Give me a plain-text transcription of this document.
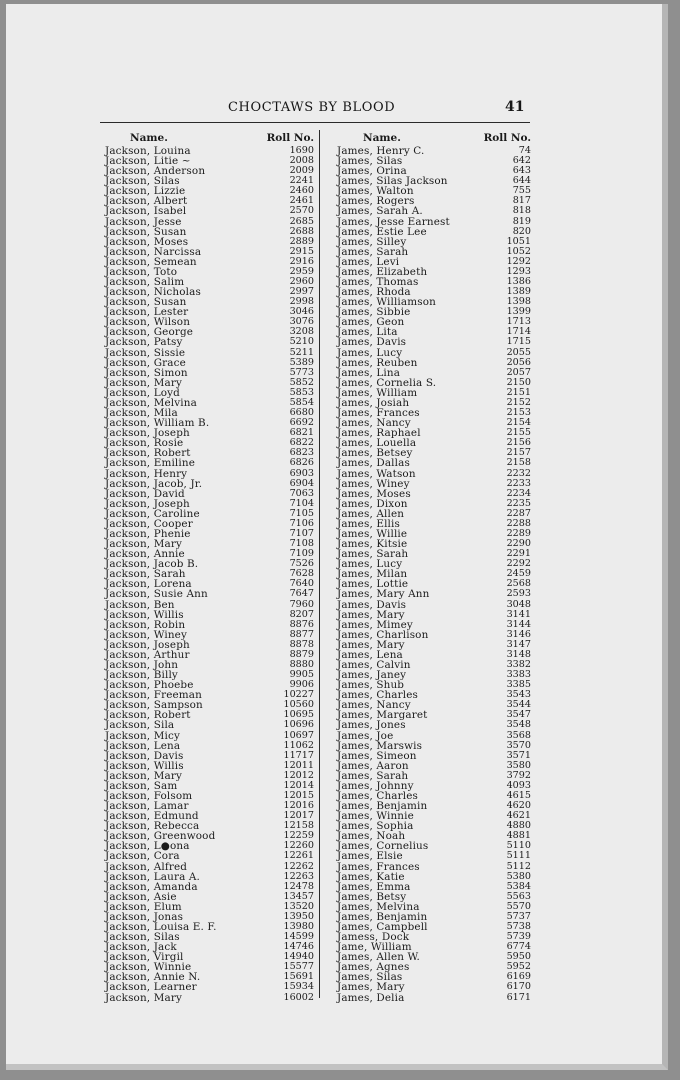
CHOCTAWS BY BLOOD	41
Name.	Roll No.
Jackson, Louina	1690
Jackson, Litie ~	2008
Jackson, Anderson	2009
Jackson, Silas	2241
Jackson, Lizzie	2460
Jackson, Albert	2461
Jackson, Isabel	2570
Jackson, Jesse	2685
Jackson, Susan	2688
Jackson, Moses	2889
Jackson, Narcissa	2915
Jackson, Semean	2916
Jackson, Toto	2959
Jackson, Salim	2960
Jackson, Nicholas	2997
Jackson, Susan	2998
Jackson, Lester	3046
Jackson, Wilson	3076
Jackson, George	3208
Jackson, Patsy	5210
Jackson, Sissie	5211
Jackson, Grace	5389
Jackson, Simon	5773
Jackson, Mary	5852
Jackson, Loyd	5853
Jackson, Melvina	5854
Jackson, Mila	6680
Jackson, William B.	6692
Jackson, Joseph	6821
Jackson, Rosie	6822
Jackson, Robert	6823
Jackson, Emiline	6826
Jackson, Henry	6903
Jackson, Jacob, Jr.	6904
Jackson, David	7063
Jackson, Joseph	7104
Jackson, Caroline	7105
Jackson, Cooper	7106
Jackson, Phenie	7107
Jackson, Mary	7108
Jackson, Annie	7109
Jackson, Jacob B.	7526
Jackson, Sarah	7628
Jackson, Lorena	7640
Jackson, Susie Ann	7647
Jackson, Ben	7960
Jackson, Willis	8207
Jackson, Robin	8876
Jackson, Winey	8877
Jackson, Joseph	8878
Jackson, Arthur	8879
Jackson, John	8880
Jackson, Billy	9905
Jackson, Phoebe	9906
Jackson, Freeman	10227
Jackson, Sampson	10560
Jackson, Robert	10695
Jackson, Sila	10696
Jackson, Micy	10697
Jackson, Lena	11062
Jackson, Davis	11717
Jackson, Willis	12011
Jackson, Mary	12012
Jackson, Sam	12014
Jackson, Folsom	12015
Jackson, Lamar	12016
Jackson, Edmund	12017
Jackson, Rebecca	12158
Jackson, Greenwood	12259
Jackson, L●ona	12260
Jackson, Cora	12261
Jackson, Alfred	12262
Jackson, Laura A.	12263
Jackson, Amanda	12478
Jackson, Asie	13457
Jackson, Elum	13520
Jackson, Jonas	13950
Jackson, Louisa E. F.	13980
Jackson, Silas	14599
Jackson, Jack	14746
Jackson, Virgil	14940
Jackson, Winnie	15577
Jackson, Annie N.	15691
Jackson, Learner	15934
Jackson, Mary	16002
Name.	Roll No.
James, Henry C.	74
James, Silas	642
James, Orina	643
James, Silas Jackson	644
James, Walton	755
James, Rogers	817
James, Sarah A.	818
James, Jesse Earnest	819
James, Estie Lee	820
James, Silley	1051
James, Sarah	1052
James, Levi	1292
James, Elizabeth	1293
James, Thomas	1386
James, Rhoda	1389
James, Williamson	1398
James, Sibbie	1399
James, Geon	1713
James, Lita	1714
James, Davis	1715
James, Lucy	2055
James, Reuben	2056
James, Lina	2057
James, Cornelia S.	2150
James, William	2151
James, Josiah	2152
James, Frances	2153
James, Nancy	2154
James, Raphael	2155
James, Louella	2156
James, Betsey	2157
James, Dallas	2158
James, Watson	2232
James, Winey	2233
James, Moses	2234
James, Dixon	2235
James, Allen	2287
James, Ellis	2288
James, Willie	2289
James, Kitsie	2290
James, Sarah	2291
James, Lucy	2292
James, Milan	2459
James, Lottie	2568
James, Mary Ann	2593
James, Davis	3048
James, Mary	3141
James, Mimey	3144
James, Charlison	3146
James, Mary	3147
James, Lena	3148
James, Calvin	3382
James, Janey	3383
James, Shub	3385
James, Charles	3543
James, Nancy	3544
James, Margaret	3547
James, Jones	3548
James, Joe	3568
James, Marswis	3570
James, Simeon	3571
James, Aaron	3580
James, Sarah	3792
James, Johnny	4093
James, Charles	4615
James, Benjamin	4620
James, Winnie	4621
James, Sophia	4880
James, Noah	4881
James, Cornelius	5110
James, Elsie	5111
James, Frances	5112
James, Katie	5380
James, Emma	5384
James, Betsy	5563
James, Melvina	5570
James, Benjamin	5737
James, Campbell	5738
Jamess, Dock	5739
Jame, William	6774
James, Allen W.	5950
James, Agnes	5952
James, Silas	6169
James, Mary	6170
James, Delia	6171
